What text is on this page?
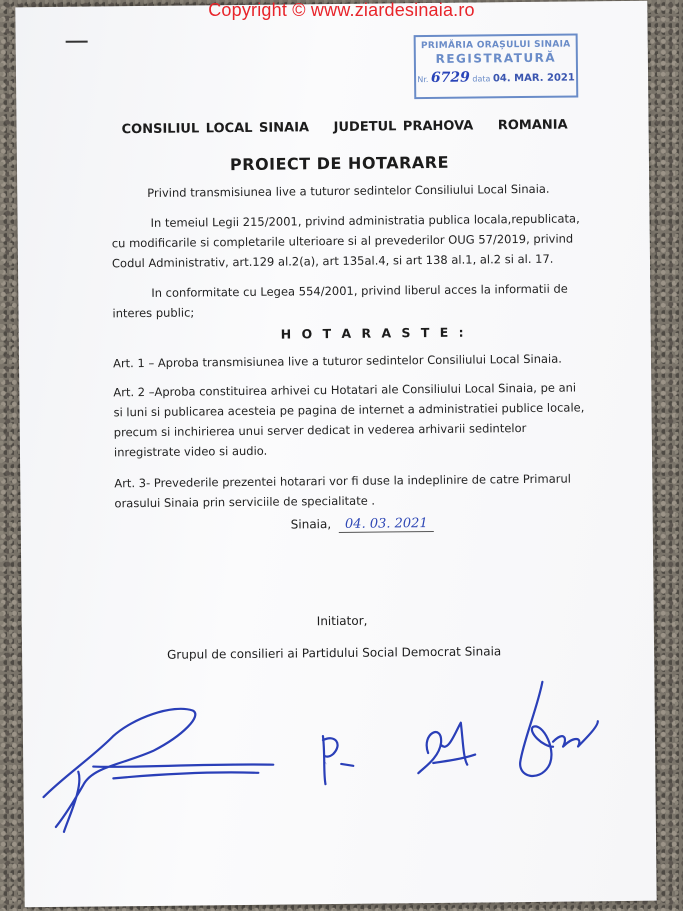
Copyright © www.ziardesinaia.ro
PRIMĂRIA ORAȘULUI SINAIA
REGISTRATURĂ
Nr. 6729 data 04. MAR. 2021
CONSILIUL LOCAL SINAIA JUDETUL PRAHOVA ROMANIA
PROIECT DE HOTARARE
Privind transmisiunea live a tuturor sedintelor Consiliului Local Sinaia.
In temeiul Legii 215/2001, privind administratia publica locala,republicata,
cu modificarile si completarile ulterioare si al prevederilor OUG 57/2019, privind
Codul Administrativ, art.129 al.2(a), art 135al.4, si art 138 al.1, al.2 si al. 17.
In conformitate cu Legea 554/2001, privind liberul acces la informatii de
interes public;
H O T A R A S T E :
Art. 1 – Aproba transmisiunea live a tuturor sedintelor Consiliului Local Sinaia.
Art. 2 –Aproba constituirea arhivei cu Hotatari ale Consiliului Local Sinaia, pe ani
si luni si publicarea acesteia pe pagina de internet a administratiei publice locale,
precum si inchirierea unui server dedicat in vederea arhivarii sedintelor
inregistrate video si audio.
Art. 3- Prevederile prezentei hotarari vor fi duse la indeplinire de catre Primarul
orasului Sinaia prin serviciile de specialitate .
Sinaia, 04. 03. 2021
Initiator,
Grupul de consilieri ai Partidului Social Democrat Sinaia
p.
